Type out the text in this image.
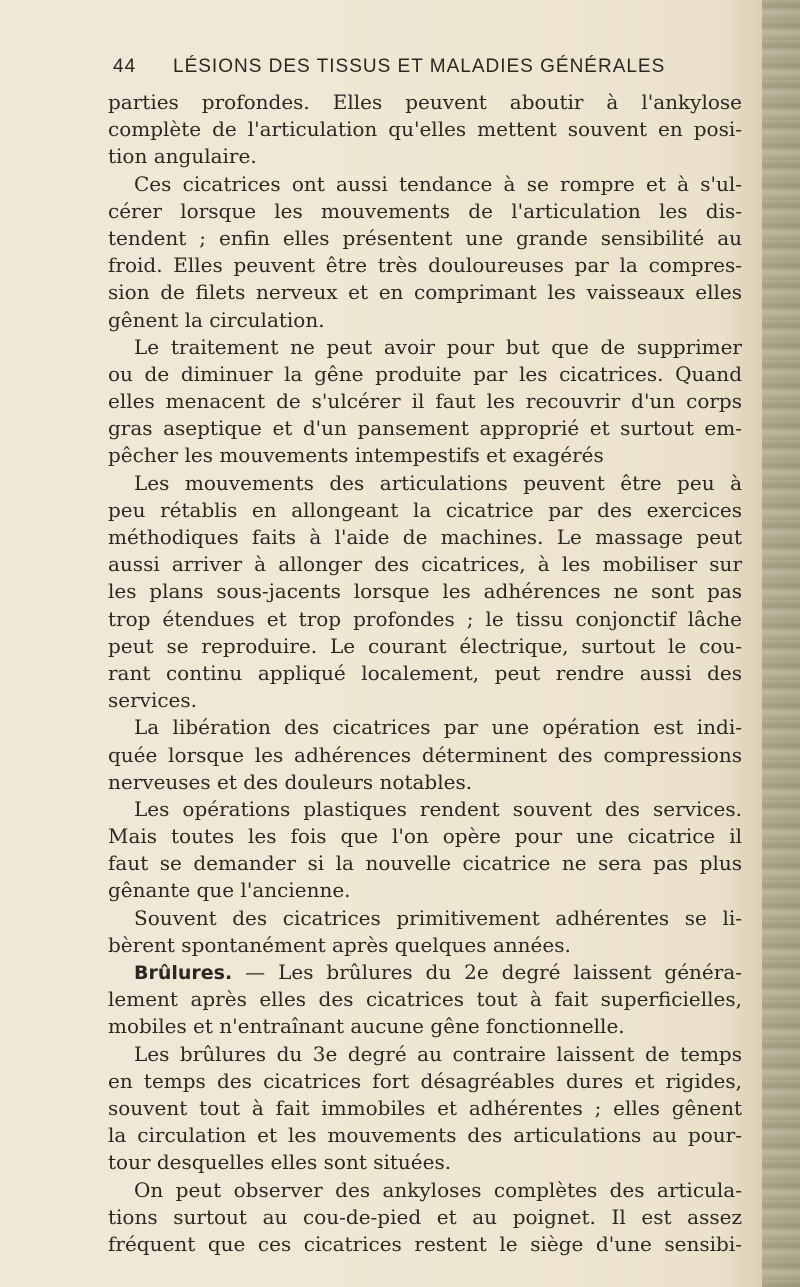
44 LÉSIONS DES TISSUS ET MALADIES GÉNÉRALES
parties profondes. Elles peuvent aboutir à l'ankylose
complète de l'articulation qu'elles mettent souvent en posi-
tion angulaire.
Ces cicatrices ont aussi tendance à se rompre et à s'ul-
cérer lorsque les mouvements de l'articulation les dis-
tendent ; enfin elles présentent une grande sensibilité au
froid. Elles peuvent être très douloureuses par la compres-
sion de filets nerveux et en comprimant les vaisseaux elles
gênent la circulation.
Le traitement ne peut avoir pour but que de supprimer
ou de diminuer la gêne produite par les cicatrices. Quand
elles menacent de s'ulcérer il faut les recouvrir d'un corps
gras aseptique et d'un pansement approprié et surtout em-
pêcher les mouvements intempestifs et exagérés
Les mouvements des articulations peuvent être peu à
peu rétablis en allongeant la cicatrice par des exercices
méthodiques faits à l'aide de machines. Le massage peut
aussi arriver à allonger des cicatrices, à les mobiliser sur
les plans sous-jacents lorsque les adhérences ne sont pas
trop étendues et trop profondes ; le tissu conjonctif lâche
peut se reproduire. Le courant électrique, surtout le cou-
rant continu appliqué localement, peut rendre aussi des
services.
La libération des cicatrices par une opération est indi-
quée lorsque les adhérences déterminent des compressions
nerveuses et des douleurs notables.
Les opérations plastiques rendent souvent des services.
Mais toutes les fois que l'on opère pour une cicatrice il
faut se demander si la nouvelle cicatrice ne sera pas plus
gênante que l'ancienne.
Souvent des cicatrices primitivement adhérentes se li-
bèrent spontanément après quelques années.
Brûlures. — Les brûlures du 2e degré laissent généra-
lement après elles des cicatrices tout à fait superficielles,
mobiles et n'entraînant aucune gêne fonctionnelle.
Les brûlures du 3e degré au contraire laissent de temps
en temps des cicatrices fort désagréables dures et rigides,
souvent tout à fait immobiles et adhérentes ; elles gênent
la circulation et les mouvements des articulations au pour-
tour desquelles elles sont situées.
On peut observer des ankyloses complètes des articula-
tions surtout au cou-de-pied et au poignet. Il est assez
fréquent que ces cicatrices restent le siège d'une sensibi-
